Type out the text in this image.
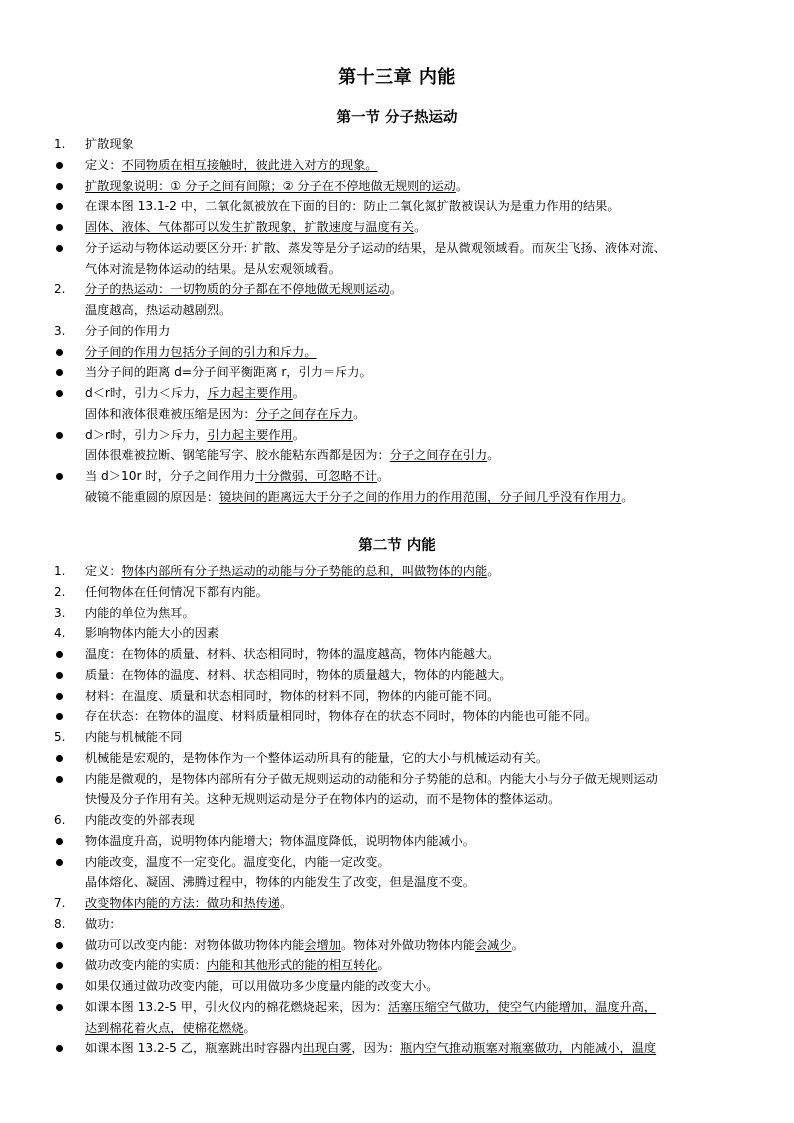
第十三章 内能
第一节 分子热运动
1.	扩散现象
定义：不同物质在相互接触时，彼此进入对方的现象。
扩散现象说明：① 分子之间有间隙；② 分子在不停地做无规则的运动。
在课本图 13.1-2 中，二氧化氮被放在下面的目的：防止二氧化氮扩散被误认为是重力作用的结果。
固体、液体、气体都可以发生扩散现象，扩散速度与温度有关。
分子运动与物体运动要区分开: 扩散、蒸发等是分子运动的结果，是从微观领域看。而灰尘飞扬、液体对流、
气体对流是物体运动的结果。是从宏观领域看。
2.	分子的热运动：一切物质的分子都在不停地做无规则运动。
温度越高，热运动越剧烈。
3.	分子间的作用力
分子间的作用力包括分子间的引力和斥力。
当分子间的距离 d=分子间平衡距离 r，引力＝斥力。
d＜r时，引力＜斥力，斥力起主要作用。
固体和液体很难被压缩是因为：分子之间存在斥力。
d＞r时，引力＞斥力，引力起主要作用。
固体很难被拉断、钢笔能写字、胶水能粘东西都是因为：分子之间存在引力。
当 d＞10r 时，分子之间作用力十分微弱，可忽略不计。
破镜不能重圆的原因是：镜块间的距离远大于分子之间的作用力的作用范围，分子间几乎没有作用力。
第二节 内能
1.	定义：物体内部所有分子热运动的动能与分子势能的总和，叫做物体的内能。
2.	任何物体在任何情况下都有内能。
3.	内能的单位为焦耳。
4.	影响物体内能大小的因素
温度：在物体的质量、材料、状态相同时，物体的温度越高，物体内能越大。
质量：在物体的温度、材料、状态相同时，物体的质量越大，物体的内能越大。
材料：在温度、质量和状态相同时，物体的材料不同，物体的内能可能不同。
存在状态：在物体的温度、材料质量相同时，物体存在的状态不同时，物体的内能也可能不同。
5.	内能与机械能不同
机械能是宏观的，是物体作为一个整体运动所具有的能量，它的大小与机械运动有关。
内能是微观的，是物体内部所有分子做无规则运动的动能和分子势能的总和。内能大小与分子做无规则运动
快慢及分子作用有关。这种无规则运动是分子在物体内的运动，而不是物体的整体运动。
6.	内能改变的外部表现
物体温度升高，说明物体内能增大；物体温度降低，说明物体内能减小。
内能改变，温度不一定变化。温度变化，内能一定改变。
晶体熔化、凝固、沸腾过程中，物体的内能发生了改变，但是温度不变。
7.	改变物体内能的方法：做功和热传递。
8.	做功：
做功可以改变内能：对物体做功物体内能会增加。物体对外做功物体内能会减少。
做功改变内能的实质：内能和其他形式的能的相互转化。
如果仅通过做功改变内能，可以用做功多少度量内能的改变大小。
如课本图 13.2-5 甲，引火仪内的棉花燃烧起来，因为：活塞压缩空气做功，使空气内能增加，温度升高，
达到棉花着火点，使棉花燃烧。
如课本图 13.2-5 乙，瓶塞跳出时容器内出现白雾，因为：瓶内空气推动瓶塞对瓶塞做功，内能减小，温度
